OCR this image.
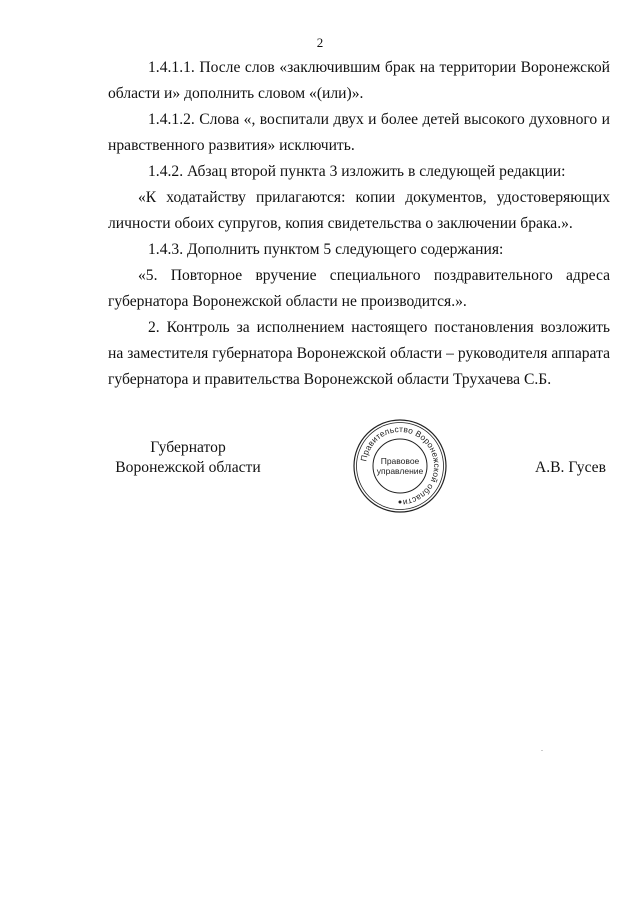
2

1.4.1.1. После слов «заключившим брак на территории Воронежской области и» дополнить словом «(или)».

1.4.1.2. Слова «, воспитали двух и более детей высокого духовного и нравственного развития» исключить.

1.4.2. Абзац второй пункта 3 изложить в следующей редакции:

«К ходатайству прилагаются: копии документов, удостоверяющих личности обоих супругов, копия свидетельства о заключении брака.».

1.4.3. Дополнить пунктом 5 следующего содержания:

«5. Повторное вручение специального поздравительного адреса губернатора Воронежской области не производится.».

2. Контроль за исполнением настоящего постановления возложить на заместителя губернатора Воронежской области – руководителя аппарата губернатора и правительства Воронежской области Трухачева С.Б.

Губернатор
Воронежской области
Правительство Воронежской области
Правовое
управление	А.В. Гусев
